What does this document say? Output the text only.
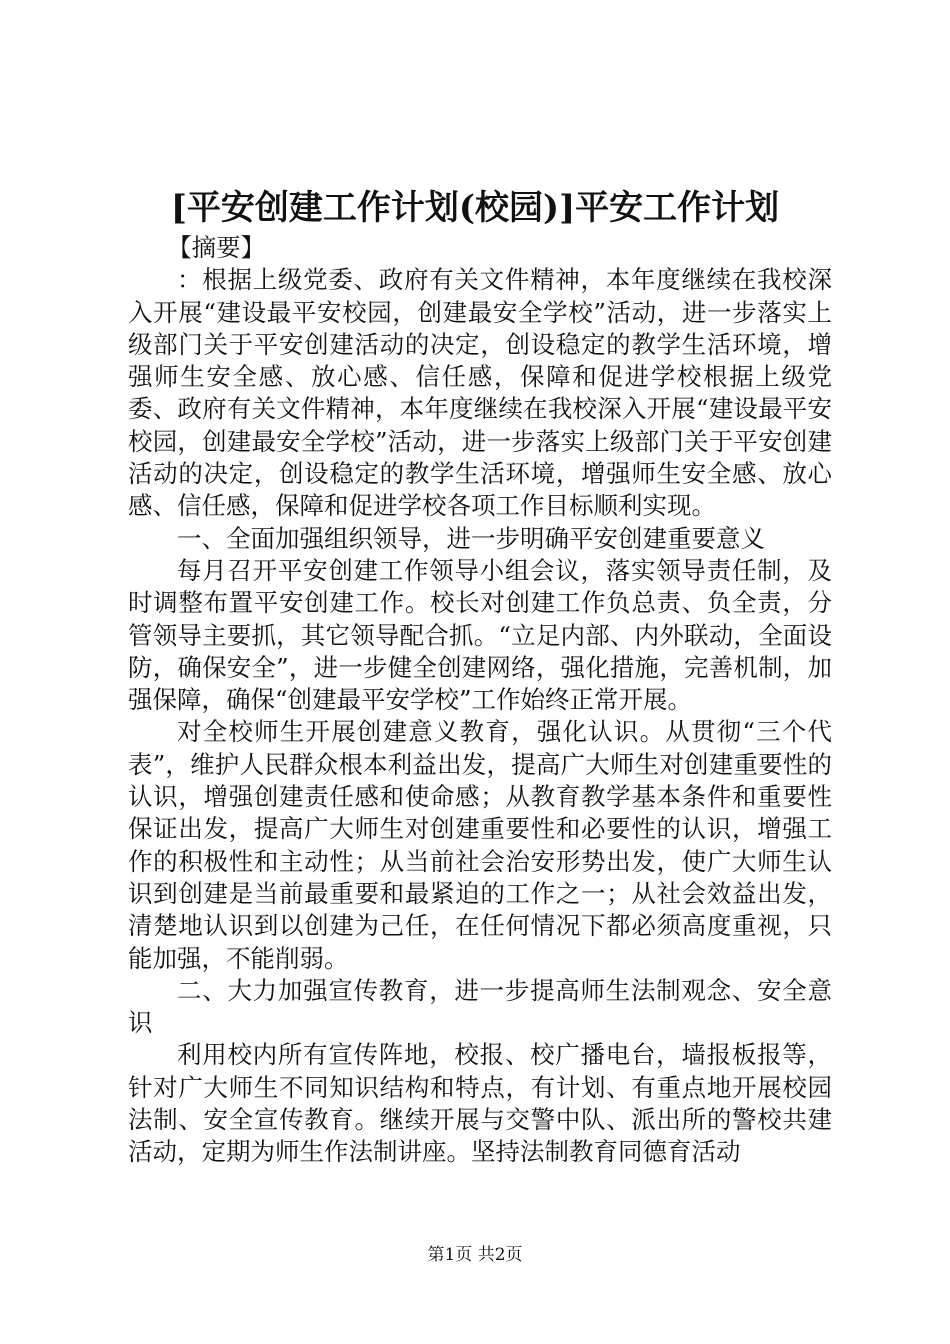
[平安创建工作计划(校园)]平安工作计划

【摘要】

：根据上级党委、政府有关文件精神，本年度继续在我校深入开展“建设最平安校园，创建最安全学校”活动，进一步落实上级部门关于平安创建活动的决定，创设稳定的教学生活环境，增强师生安全感、放心感、信任感，保障和促进学校根据上级党委、政府有关文件精神，本年度继续在我校深入开展“建设最平安校园，创建最安全学校”活动，进一步落实上级部门关于平安创建活动的决定，创设稳定的教学生活环境，增强师生安全感、放心感、信任感，保障和促进学校各项工作目标顺利实现。

一、全面加强组织领导，进一步明确平安创建重要意义

每月召开平安创建工作领导小组会议，落实领导责任制，及时调整布置平安创建工作。校长对创建工作负总责、负全责，分管领导主要抓，其它领导配合抓。“立足内部、内外联动，全面设防，确保安全”，进一步健全创建网络，强化措施，完善机制，加强保障，确保“创建最平安学校”工作始终正常开展。

对全校师生开展创建意义教育，强化认识。从贯彻“三个代表”，维护人民群众根本利益出发，提高广大师生对创建重要性的认识，增强创建责任感和使命感；从教育教学基本条件和重要性保证出发，提高广大师生对创建重要性和必要性的认识，增强工作的积极性和主动性；从当前社会治安形势出发，使广大师生认识到创建是当前最重要和最紧迫的工作之一；从社会效益出发，清楚地认识到以创建为己任，在任何情况下都必须高度重视，只能加强，不能削弱。

二、大力加强宣传教育，进一步提高师生法制观念、安全意识

利用校内所有宣传阵地，校报、校广播电台，墙报板报等，针对广大师生不同知识结构和特点，有计划、有重点地开展校园法制、安全宣传教育。继续开展与交警中队、派出所的警校共建活动，定期为师生作法制讲座。坚持法制教育同德育活动

第1页 共2页
